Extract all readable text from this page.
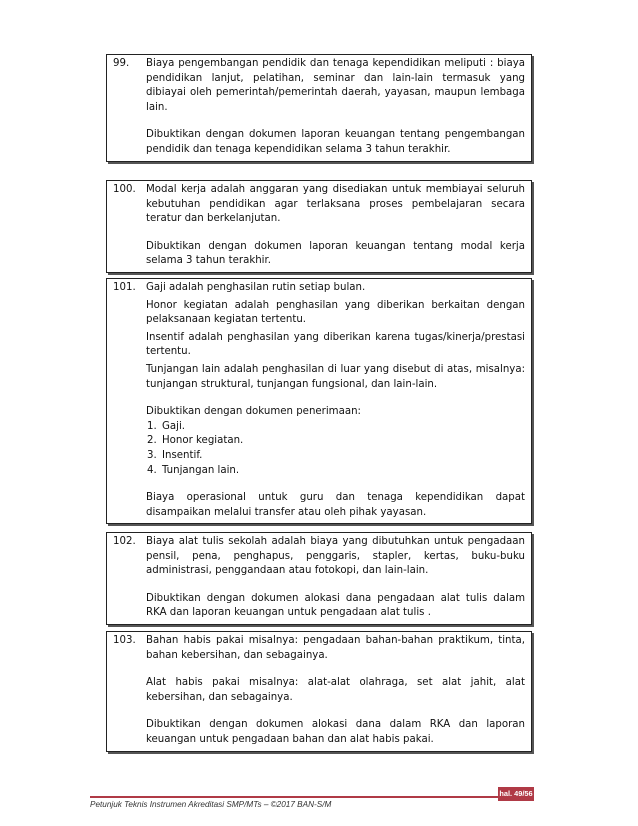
99.	Biaya pengembangan pendidik dan tenaga kependidikan meliputi : biaya pendidikan lanjut, pelatihan, seminar dan lain-lain termasuk yang dibiayai oleh pemerintah/pemerintah daerah, yayasan, maupun lembaga lain.

Dibuktikan dengan dokumen laporan keuangan tentang pengembangan pendidik dan tenaga kependidikan selama 3 tahun terakhir.

100.	Modal kerja adalah anggaran yang disediakan untuk membiayai seluruh kebutuhan pendidikan agar terlaksana proses pembelajaran secara teratur dan berkelanjutan.

Dibuktikan dengan dokumen laporan keuangan tentang modal kerja selama 3 tahun terakhir.

101.	Gaji adalah penghasilan rutin setiap bulan.

Honor kegiatan adalah penghasilan yang diberikan berkaitan dengan pelaksanaan kegiatan tertentu.

Insentif adalah penghasilan yang diberikan karena tugas/kinerja/prestasi tertentu.

Tunjangan lain adalah penghasilan di luar yang disebut di atas, misalnya: tunjangan struktural, tunjangan fungsional, dan lain-lain.

Dibuktikan dengan dokumen penerimaan:

1. Gaji.
2. Honor kegiatan.
3. Insentif.
4. Tunjangan lain.

Biaya operasional untuk guru dan tenaga kependidikan dapat disampaikan melalui transfer atau oleh pihak yayasan.

102.	Biaya alat tulis sekolah adalah biaya yang dibutuhkan untuk pengadaan pensil, pena, penghapus, penggaris, stapler, kertas, buku-buku administrasi, penggandaan atau fotokopi, dan lain-lain.

Dibuktikan dengan dokumen alokasi dana pengadaan alat tulis dalam RKA dan laporan keuangan untuk pengadaan alat tulis .

103.	Bahan habis pakai misalnya: pengadaan bahan-bahan praktikum, tinta, bahan kebersihan, dan sebagainya.

Alat habis pakai misalnya: alat-alat olahraga, set alat jahit, alat kebersihan, dan sebagainya.

Dibuktikan dengan dokumen alokasi dana dalam RKA dan laporan keuangan untuk pengadaan bahan dan alat habis pakai.

hal. 49/56
Petunjuk Teknis Instrumen Akreditasi SMP/MTs – ©2017 BAN-S/M
